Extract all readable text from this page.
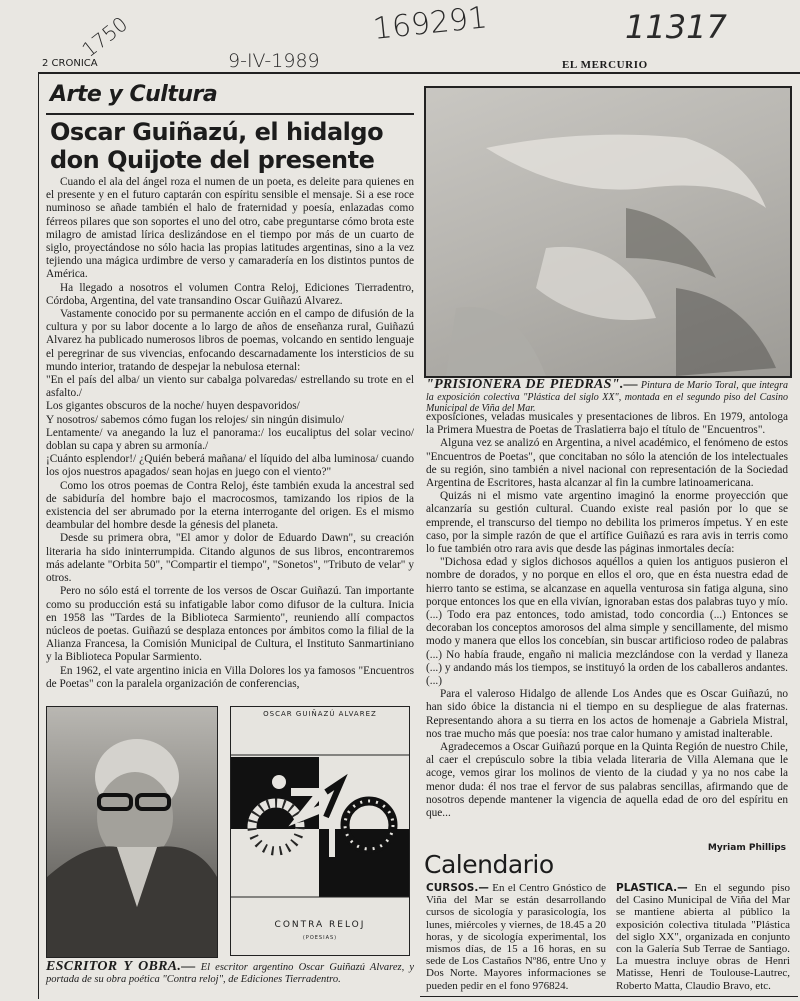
1750	9-IV-1989
169291	11317
2 CRONICA	EL MERCURIO
Arte y Cultura
Oscar Guiñazú, el hidalgo
don Quijote del presente

Cuando el ala del ángel roza el numen de un poeta, es deleite para quienes en el presente y en el futuro captarán con espíritu sensible el mensaje. Si a ese roce numinoso se añade también el halo de fraternidad y poesía, enlazadas como férreos pilares que son soportes el uno del otro, cabe preguntarse cómo brota este milagro de amistad lírica deslizándose en el tiempo por más de un cuarto de siglo, proyectándose no sólo hacia las propias latitudes argentinas, sino a la vez tejiendo una mágica urdimbre de verso y camaradería en los distintos puntos de América.

Ha llegado a nosotros el volumen Contra Reloj, Ediciones Tierradentro, Córdoba, Argentina, del vate transandino Oscar Guiñazú Alvarez.

Vastamente conocido por su permanente acción en el campo de difusión de la cultura y por su labor docente a lo largo de años de enseñanza rural, Guiñazú Alvarez ha publicado numerosos libros de poemas, volcando en sentido lenguaje el peregrinar de sus vivencias, enfocando descarnadamente los intersticios de su mundo interior, tratando de despejar la nebulosa eternal:

"En el país del alba/ un viento sur cabalga polvaredas/ estrellando su trote en el asfalto./

Los gigantes obscuros de la noche/ huyen despavoridos/

Y nosotros/ sabemos cómo fugan los relojes/ sin ningún disimulo/

Lentamente/ va anegando la luz el panorama:/ los eucaliptus del solar vecino/ doblan su capa y abren su armonía./

¡Cuánto esplendor!/ ¿Quién beberá mañana/ el líquido del alba luminosa/ cuando los ojos nuestros apagados/ sean hojas en juego con el viento?"

Como los otros poemas de Contra Reloj, éste también exuda la ancestral sed de sabiduría del hombre bajo el macrocosmos, tamizando los ripios de la existencia del ser abrumado por la eterna interrogante del origen. Es el mismo deambular del hombre desde la génesis del planeta.

Desde su primera obra, "El amor y dolor de Eduardo Dawn", su creación literaria ha sido ininterrumpida. Citando algunos de sus libros, encontraremos más adelante "Orbita 50", "Compartir el tiempo", "Sonetos", "Tributo de velar" y otros.

Pero no sólo está el torrente de los versos de Oscar Guiñazú. Tan importante como su producción está su infatigable labor como difusor de la cultura. Inicia en 1958 las "Tardes de la Biblioteca Sarmiento", reuniendo allí compactos núcleos de poetas. Guiñazú se desplaza entonces por ámbitos como la filial de la Alianza Francesa, la Comisión Municipal de Cultura, el Instituto Sanmartiniano y la Biblioteca Popular Sarmiento.

En 1962, el vate argentino inicia en Villa Dolores los ya famosos "Encuentros de Poetas" con la paralela organización de conferencias,

OSCAR GUIÑAZÚ ALVAREZ
CONTRA RELOJ
(POESIAS)
ESCRITOR Y OBRA.— El escritor argentino Oscar Guiñazú Alvarez, y portada de su obra poética "Contra reloj", de Ediciones Tierradentro.
"PRISIONERA DE PIEDRAS".— Pintura de Mario Toral, que integra la exposición colectiva "Plástica del siglo XX", montada en el segundo piso del Casino Municipal de Viña del Mar.

exposiciones, veladas musicales y presentaciones de libros. En 1979, antologa la Primera Muestra de Poetas de Traslatierra bajo el título de "Encuentros".

Alguna vez se analizó en Argentina, a nivel académico, el fenómeno de estos "Encuentros de Poetas", que concitaban no sólo la atención de los intelectuales de su región, sino también a nivel nacional con representación de la Sociedad Argentina de Escritores, hasta alcanzar al fin la cumbre latinoamericana.

Quizás ni el mismo vate argentino imaginó la enorme proyección que alcanzaría su gestión cultural. Cuando existe real pasión por lo que se emprende, el transcurso del tiempo no debilita los primeros ímpetus. Y en este caso, por la simple razón de que el artífice Guiñazú es rara avis in terris como lo fue también otro rara avis que desde las páginas inmortales decía:

"Dichosa edad y siglos dichosos aquéllos a quien los antiguos pusieron el nombre de dorados, y no porque en ellos el oro, que en ésta nuestra edad de hierro tanto se estima, se alcanzase en aquella venturosa sin fatiga alguna, sino porque entonces los que en ella vivían, ignoraban estas dos palabras tuyo y mío. (...) Todo era paz entonces, todo amistad, todo concordia (...) Entonces se decoraban los conceptos amorosos del alma simple y sencillamente, del mismo modo y manera que ellos los concebían, sin buscar artificioso rodeo de palabras (...) No había fraude, engaño ni malicia mezclándose con la verdad y llaneza (...) y andando más los tiempos, se instituyó la orden de los caballeros andantes. (...)

Para el valeroso Hidalgo de allende Los Andes que es Oscar Guiñazú, no han sido óbice la distancia ni el tiempo en su despliegue de alas fraternas. Representando ahora a su tierra en los actos de homenaje a Gabriela Mistral, nos trae mucho más que poesía: nos trae calor humano y amistad inalterable.

Agradecemos a Oscar Guiñazú porque en la Quinta Región de nuestro Chile, al caer el crepúsculo sobre la tibia velada literaria de Villa Alemana que le acoge, vemos girar los molinos de viento de la ciudad y ya no nos cabe la menor duda: él nos trae el fervor de sus palabras sencillas, afirmando que de nosotros depende mantener la vigencia de aquella edad de oro del espíritu en que...

Myriam Phillips
Calendario

CURSOS.— En el Centro Gnóstico de Viña del Mar se están desarrollando cursos de sicología y parasicología, los lunes, miércoles y viernes, de 18.45 a 20 horas, y de sicología experimental, los mismos días, de 15 a 16 horas, en su sede de Los Castaños Nº86, entre Uno y Dos Norte. Mayores informaciones se pueden pedir en el fono 976824.

PLASTICA.— En el segundo piso del Casino Municipal de Viña del Mar se mantiene abierta al público la exposición colectiva titulada "Plástica del siglo XX", organizada en conjunto con la Galería Sub Terrae de Santiago. La muestra incluye obras de Henri Matisse, Henri de Toulouse-Lautrec, Roberto Matta, Claudio Bravo, etc.
